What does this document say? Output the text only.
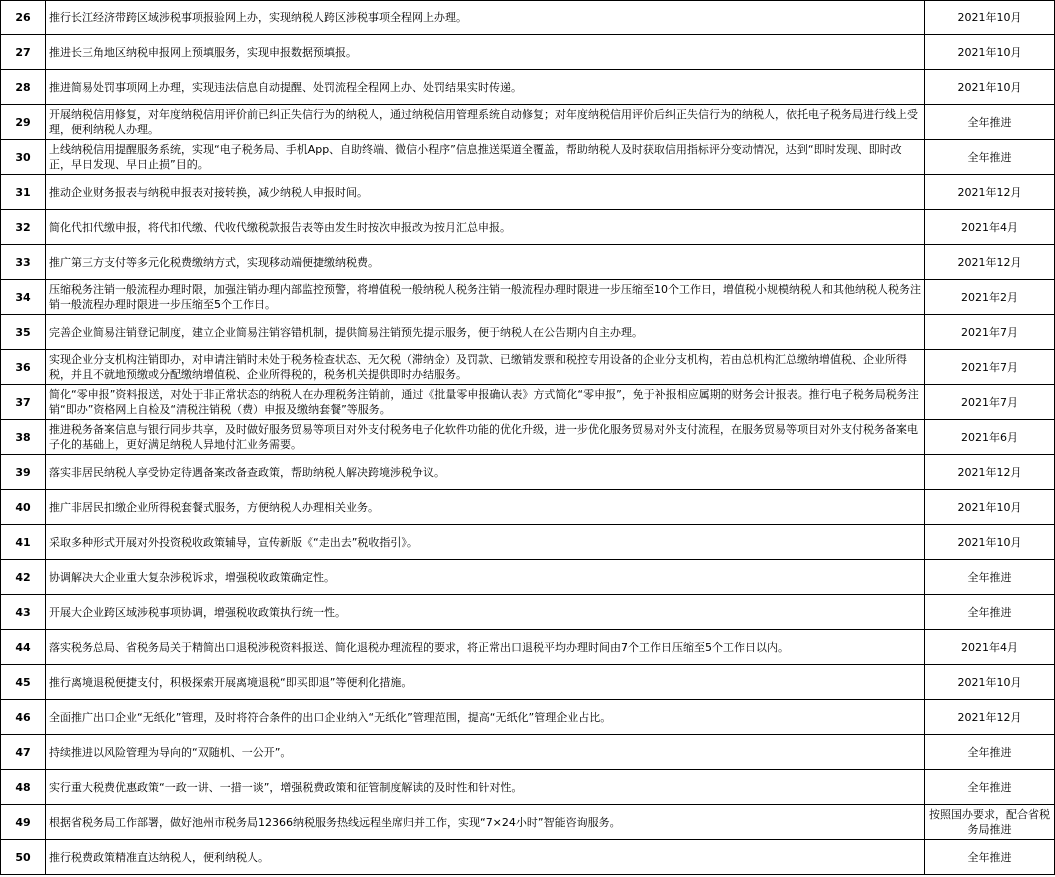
26	推行长江经济带跨区域涉税事项报验网上办，实现纳税人跨区涉税事项全程网上办理。	2021年10月
27	推进长三角地区纳税申报网上预填服务，实现申报数据预填报。	2021年10月
28	推进简易处罚事项网上办理，实现违法信息自动提醒、处罚流程全程网上办、处罚结果实时传递。	2021年10月
29	开展纳税信用修复，对年度纳税信用评价前已纠正失信行为的纳税人，通过纳税信用管理系统自动修复；对年度纳税信用评价后纠正失信行为的纳税人，依托电子税务局进行线上受理，便利纳税人办理。	全年推进
30	上线纳税信用提醒服务系统，实现“电子税务局、手机App、自助终端、微信小程序”信息推送渠道全覆盖，帮助纳税人及时获取信用指标评分变动情况，达到“即时发现、即时改正，早日发现、早日止损”目的。	全年推进
31	推动企业财务报表与纳税申报表对接转换，减少纳税人申报时间。	2021年12月
32	简化代扣代缴申报，将代扣代缴、代收代缴税款报告表等由发生时按次申报改为按月汇总申报。	2021年4月
33	推广第三方支付等多元化税费缴纳方式，实现移动端便捷缴纳税费。	2021年12月
34	压缩税务注销一般流程办理时限，加强注销办理内部监控预警，将增值税一般纳税人税务注销一般流程办理时限进一步压缩至10个工作日，增值税小规模纳税人和其他纳税人税务注销一般流程办理时限进一步压缩至5个工作日。	2021年2月
35	完善企业简易注销登记制度，建立企业简易注销容错机制，提供简易注销预先提示服务，便于纳税人在公告期内自主办理。	2021年7月
36	实现企业分支机构注销即办，对申请注销时未处于税务检查状态、无欠税（滞纳金）及罚款、已缴销发票和税控专用设备的企业分支机构，若由总机构汇总缴纳增值税、企业所得税，并且不就地预缴或分配缴纳增值税、企业所得税的，税务机关提供即时办结服务。	2021年7月
37	简化“零申报”资料报送，对处于非正常状态的纳税人在办理税务注销前，通过《批量零申报确认表》方式简化“零申报”，免于补报相应属期的财务会计报表。推行电子税务局税务注销“即办”资格网上自检及“清税注销税（费）申报及缴纳套餐”等服务。	2021年7月
38	推进税务备案信息与银行同步共享，及时做好服务贸易等项目对外支付税务电子化软件功能的优化升级，进一步优化服务贸易对外支付流程，在服务贸易等项目对外支付税务备案电子化的基础上，更好满足纳税人异地付汇业务需要。	2021年6月
39	落实非居民纳税人享受协定待遇备案改备查政策，帮助纳税人解决跨境涉税争议。	2021年12月
40	推广非居民扣缴企业所得税套餐式服务，方便纳税人办理相关业务。	2021年10月
41	采取多种形式开展对外投资税收政策辅导，宣传新版《“走出去”税收指引》。	2021年10月
42	协调解决大企业重大复杂涉税诉求，增强税收政策确定性。	全年推进
43	开展大企业跨区域涉税事项协调，增强税收政策执行统一性。	全年推进
44	落实税务总局、省税务局关于精简出口退税涉税资料报送、简化退税办理流程的要求，将正常出口退税平均办理时间由7个工作日压缩至5个工作日以内。	2021年4月
45	推行离境退税便捷支付，积极探索开展离境退税“即买即退”等便利化措施。	2021年10月
46	全面推广出口企业“无纸化”管理，及时将符合条件的出口企业纳入“无纸化”管理范围，提高“无纸化”管理企业占比。	2021年12月
47	持续推进以风险管理为导向的“双随机、一公开”。	全年推进
48	实行重大税费优惠政策“一政一讲、一措一谈”，增强税费政策和征管制度解读的及时性和针对性。	全年推进
49	根据省税务局工作部署，做好池州市税务局12366纳税服务热线远程坐席归并工作，实现“7×24小时”智能咨询服务。	按照国办要求，配合省税务局推进
50	推行税费政策精准直达纳税人，便利纳税人。	全年推进
